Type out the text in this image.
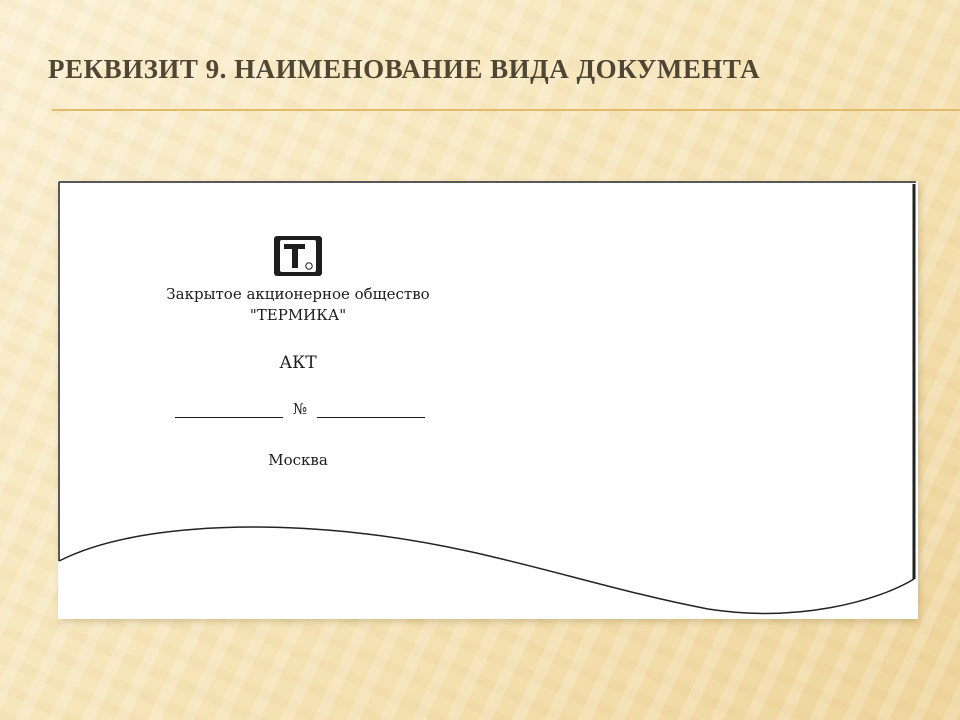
РЕКВИЗИТ 9. НАИМЕНОВАНИЕ ВИДА ДОКУМЕНТА
Закрытое акционерное общество
"ТЕРМИКА"
АКТ
№
Москва
